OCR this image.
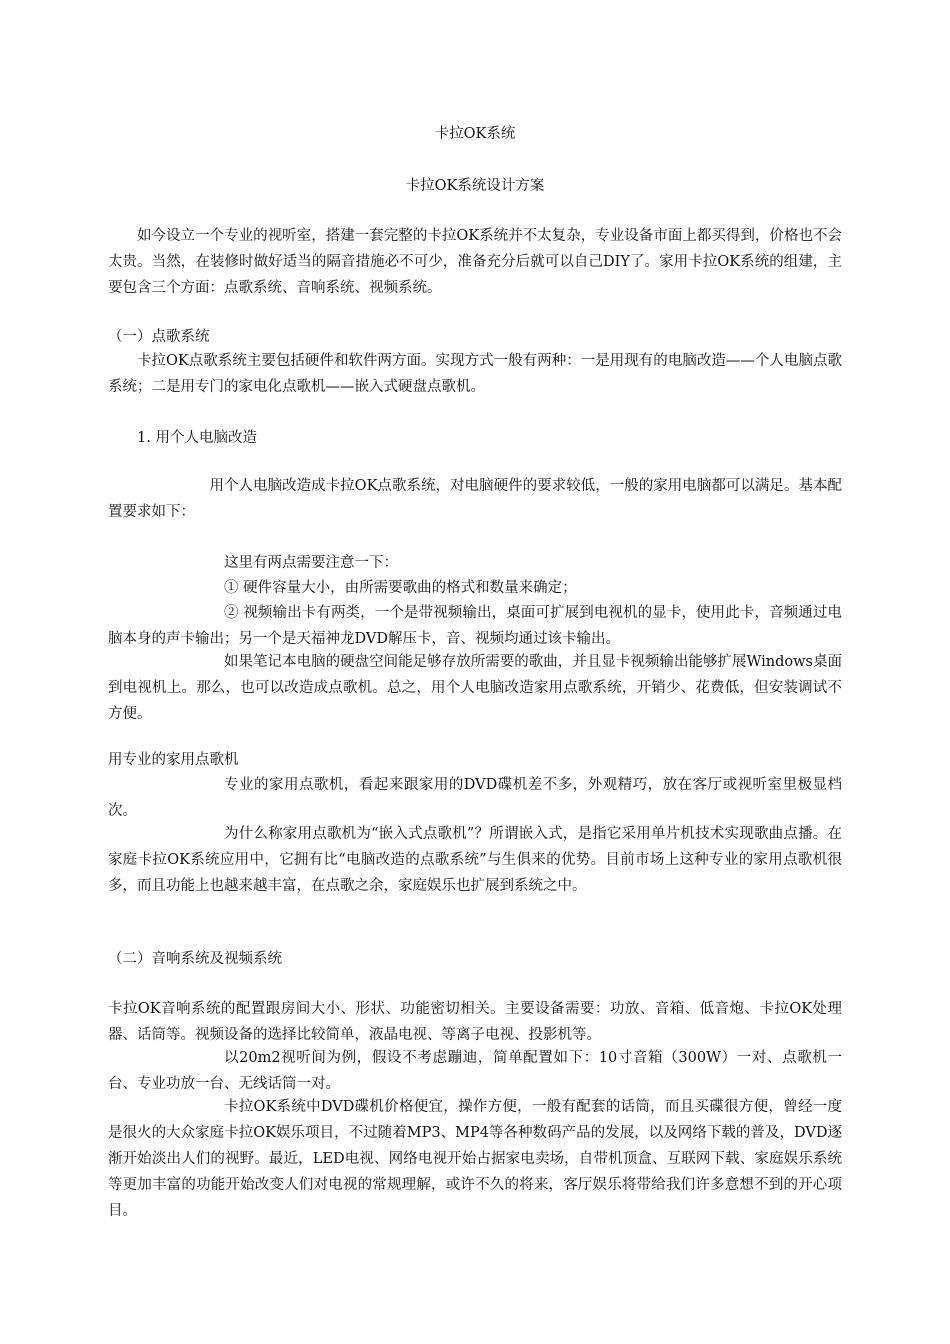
卡拉OK系统

卡拉OK系统设计方案

如今设立一个专业的视听室，搭建一套完整的卡拉OK系统并不太复杂，专业设备市面上都买得到，价格也不会太贵。当然，在装修时做好适当的隔音措施必不可少，准备充分后就可以自己DIY了。家用卡拉OK系统的组建，主要包含三个方面：点歌系统、音响系统、视频系统。

（一）点歌系统

卡拉OK点歌系统主要包括硬件和软件两方面。实现方式一般有两种：一是用现有的电脑改造——个人电脑点歌系统；二是用专门的家电化点歌机——嵌入式硬盘点歌机。

1. 用个人电脑改造

用个人电脑改造成卡拉OK点歌系统，对电脑硬件的要求较低，一般的家用电脑都可以满足。基本配置要求如下：

这里有两点需要注意一下：

① 硬件容量大小，由所需要歌曲的格式和数量来确定；

② 视频输出卡有两类，一个是带视频输出，桌面可扩展到电视机的显卡，使用此卡，音频通过电脑本身的声卡输出；另一个是天福神龙DVD解压卡，音、视频均通过该卡输出。

如果笔记本电脑的硬盘空间能足够存放所需要的歌曲，并且显卡视频输出能够扩展Windows桌面到电视机上。那么，也可以改造成点歌机。总之，用个人电脑改造家用点歌系统，开销少、花费低，但安装调试不方便。

用专业的家用点歌机

专业的家用点歌机，看起来跟家用的DVD碟机差不多，外观精巧，放在客厅或视听室里极显档次。

为什么称家用点歌机为“嵌入式点歌机”？所谓嵌入式，是指它采用单片机技术实现歌曲点播。在家庭卡拉OK系统应用中，它拥有比“电脑改造的点歌系统”与生俱来的优势。目前市场上这种专业的家用点歌机很多，而且功能上也越来越丰富，在点歌之余，家庭娱乐也扩展到系统之中。

（二）音响系统及视频系统

卡拉OK音响系统的配置跟房间大小、形状、功能密切相关。主要设备需要：功放、音箱、低音炮、卡拉OK处理器、话筒等。视频设备的选择比较简单，液晶电视、等离子电视、投影机等。

以20m2视听间为例，假设不考虑蹦迪，简单配置如下：10寸音箱（300W）一对、点歌机一台、专业功放一台、无线话筒一对。

卡拉OK系统中DVD碟机价格便宜，操作方便，一般有配套的话筒，而且买碟很方便，曾经一度是很火的大众家庭卡拉OK娱乐项目，不过随着MP3、MP4等各种数码产品的发展，以及网络下载的普及，DVD逐渐开始淡出人们的视野。最近，LED电视、网络电视开始占据家电卖场，自带机顶盒、互联网下载、家庭娱乐系统等更加丰富的功能开始改变人们对电视的常规理解，或许不久的将来，客厅娱乐将带给我们许多意想不到的开心项目。
